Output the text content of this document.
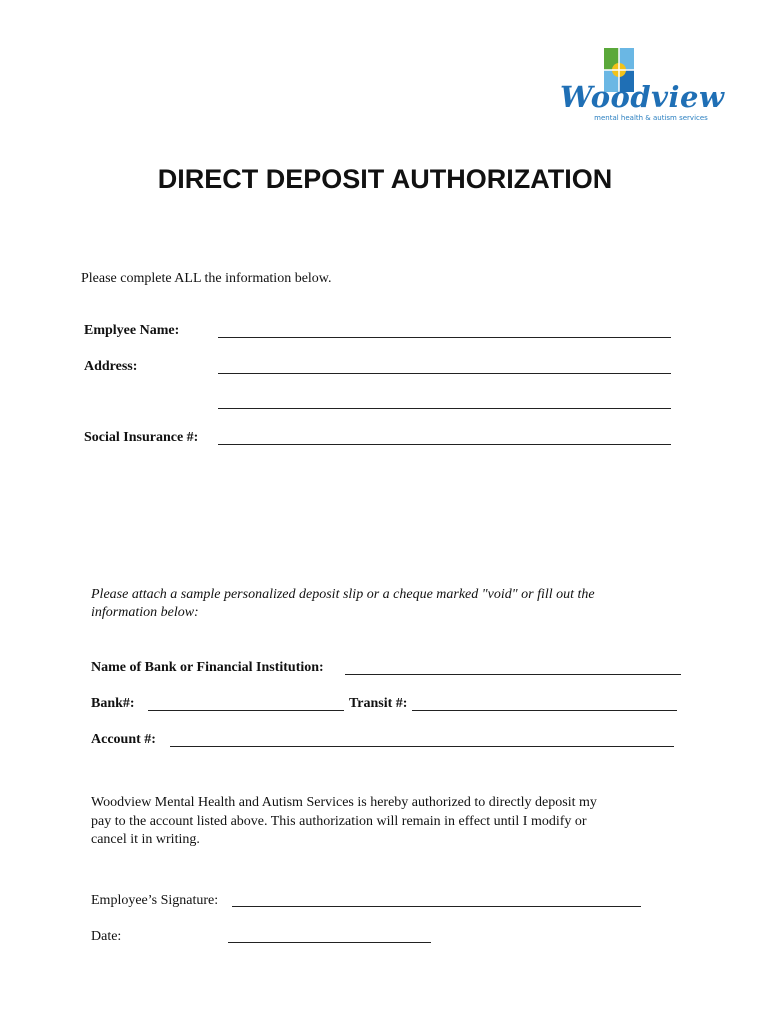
Woodview
mental health & autism services
DIRECT DEPOSIT AUTHORIZATION
Please complete ALL the information below.
Emplyee Name:
Address:
Social Insurance #:
Please attach a sample personalized deposit slip or a cheque marked "void" or fill out the
information below:
Name of Bank or Financial Institution:
Bank#:	Transit #:
Account #:
Woodview Mental Health and Autism Services is hereby authorized to directly deposit my
pay to the account listed above. This authorization will remain in effect until I modify or
cancel it in writing.
Employee’s Signature:
Date:
